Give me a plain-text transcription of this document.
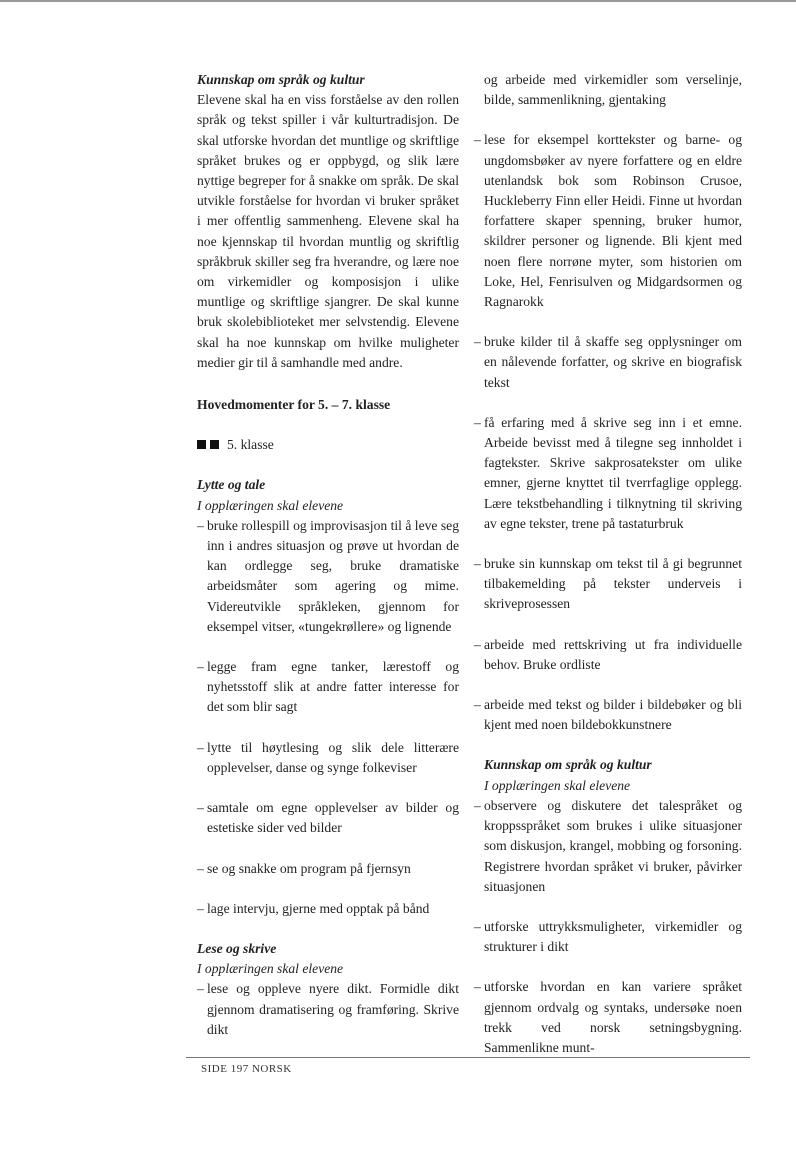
Kunnskap om språk og kultur

Elevene skal ha en viss forståelse av den rollen språk og tekst spiller i vår kulturtradisjon. De skal utforske hvordan det muntlige og skriftlige språket brukes og er oppbygd, og slik lære nyttige begreper for å snakke om språk. De skal utvikle forståelse for hvordan vi bruker språket i mer offentlig sammenheng. Elevene skal ha noe kjennskap til hvordan muntlig og skriftlig språkbruk skiller seg fra hverandre, og lære noe om virkemidler og komposisjon i ulike muntlige og skriftlige sjangrer. De skal kunne bruk skolebiblioteket mer selvstendig. Elevene skal ha noe kunnskap om hvilke muligheter medier gir til å samhandle med andre.

Hovedmomenter for 5. – 7. klasse

5. klasse

Lytte og tale

I opplæringen skal elevene

– bruke rollespill og improvisasjon til å leve seg inn i andres situasjon og prøve ut hvordan de kan ordlegge seg, bruke dramatiske arbeidsmåter som agering og mime. Videreutvikle språkleken, gjennom for eksempel vitser, «tungekrøllere» og lignende
– legge fram egne tanker, lærestoff og nyhetsstoff slik at andre fatter interesse for det som blir sagt
– lytte til høytlesing og slik dele litterære opplevelser, danse og synge folkeviser
– samtale om egne opplevelser av bilder og estetiske sider ved bilder
– se og snakke om program på fjernsyn
– lage intervju, gjerne med opptak på bånd

Lese og skrive

I opplæringen skal elevene

– lese og oppleve nyere dikt. Formidle dikt gjennom dramatisering og framføring. Skrive dikt

og arbeide med virkemidler som verselinje, bilde, sammenlikning, gjentaking

– lese for eksempel korttekster og barne- og ungdomsbøker av nyere forfattere og en eldre utenlandsk bok som Robinson Crusoe, Huckleberry Finn eller Heidi. Finne ut hvordan forfattere skaper spenning, bruker humor, skildrer personer og lignende. Bli kjent med noen flere norrøne myter, som historien om Loke, Hel, Fenrisulven og Midgardsormen og Ragnarokk
– bruke kilder til å skaffe seg opplysninger om en nålevende forfatter, og skrive en biografisk tekst
– få erfaring med å skrive seg inn i et emne. Arbeide bevisst med å tilegne seg innholdet i fagtekster. Skrive sakprosatekster om ulike emner, gjerne knyttet til tverrfaglige opplegg. Lære tekstbehandling i tilknytning til skriving av egne tekster, trene på tastaturbruk
– bruke sin kunnskap om tekst til å gi begrunnet tilbakemelding på tekster underveis i skriveprosessen
– arbeide med rettskriving ut fra individuelle behov. Bruke ordliste
– arbeide med tekst og bilder i bildebøker og bli kjent med noen bildebokkunstnere

Kunnskap om språk og kultur

I opplæringen skal elevene

– observere og diskutere det talespråket og kroppsspråket som brukes i ulike situasjoner som diskusjon, krangel, mobbing og forsoning. Registrere hvordan språket vi bruker, påvirker situasjonen
– utforske uttrykksmuligheter, virkemidler og strukturer i dikt
– utforske hvordan en kan variere språket gjennom ordvalg og syntaks, undersøke noen trekk ved norsk setningsbygning. Sammenlikne munt-
SIDE 197 NORSK
